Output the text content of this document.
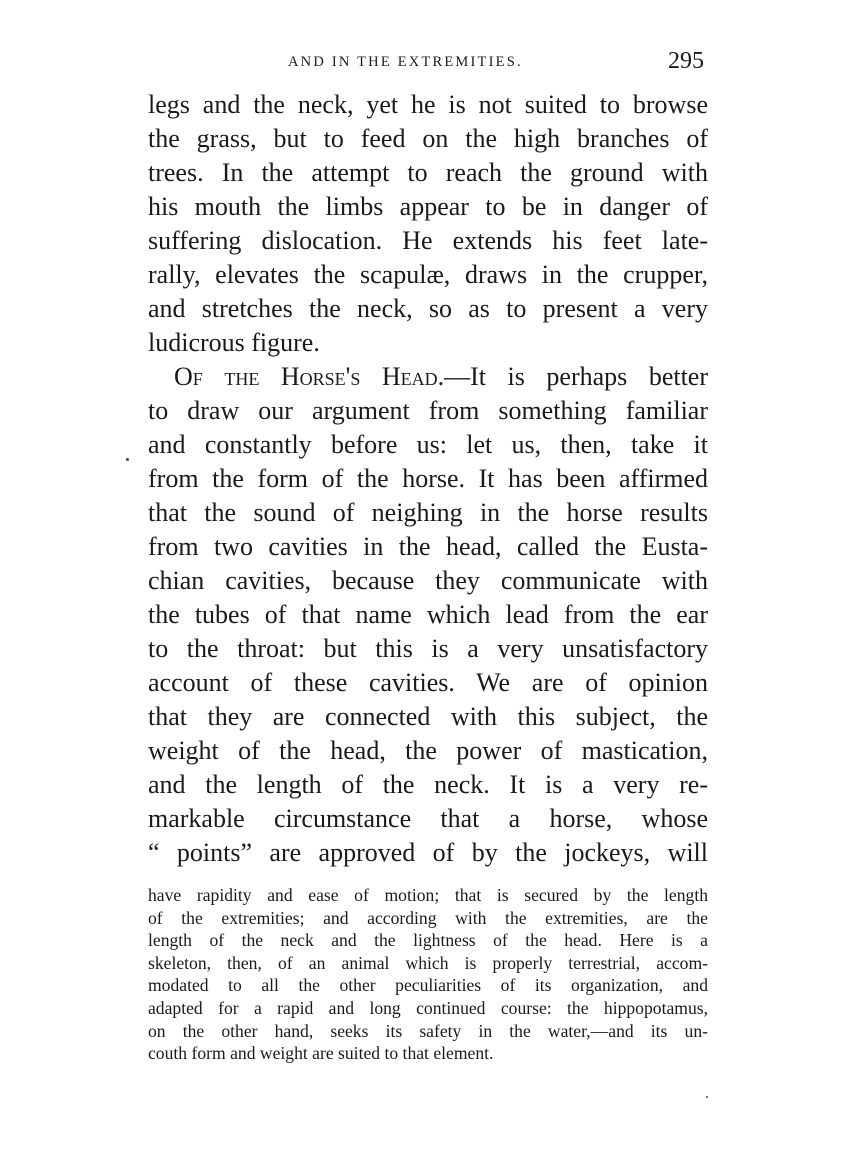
AND IN THE EXTREMITIES.	295
legs and the neck, yet he is not suited to browse
the grass, but to feed on the high branches of
trees. In the attempt to reach the ground with
his mouth the limbs appear to be in danger of
suffering dislocation. He extends his feet late-
rally, elevates the scapulæ, draws in the crupper,
and stretches the neck, so as to present a very
ludicrous figure.
Of the Horse's Head.—It is perhaps better
to draw our argument from something familiar
and constantly before us: let us, then, take it
from the form of the horse. It has been affirmed
that the sound of neighing in the horse results
from two cavities in the head, called the Eusta-
chian cavities, because they communicate with
the tubes of that name which lead from the ear
to the throat: but this is a very unsatisfactory
account of these cavities. We are of opinion
that they are connected with this subject, the
weight of the head, the power of mastication,
and the length of the neck. It is a very re-
markable circumstance that a horse, whose
“ points” are approved of by the jockeys, will
have rapidity and ease of motion; that is secured by the length
of the extremities; and according with the extremities, are the
length of the neck and the lightness of the head. Here is a
skeleton, then, of an animal which is properly terrestrial, accom-
modated to all the other peculiarities of its organization, and
adapted for a rapid and long continued course: the hippopotamus,
on the other hand, seeks its safety in the water,—and its un-
couth form and weight are suited to that element.
